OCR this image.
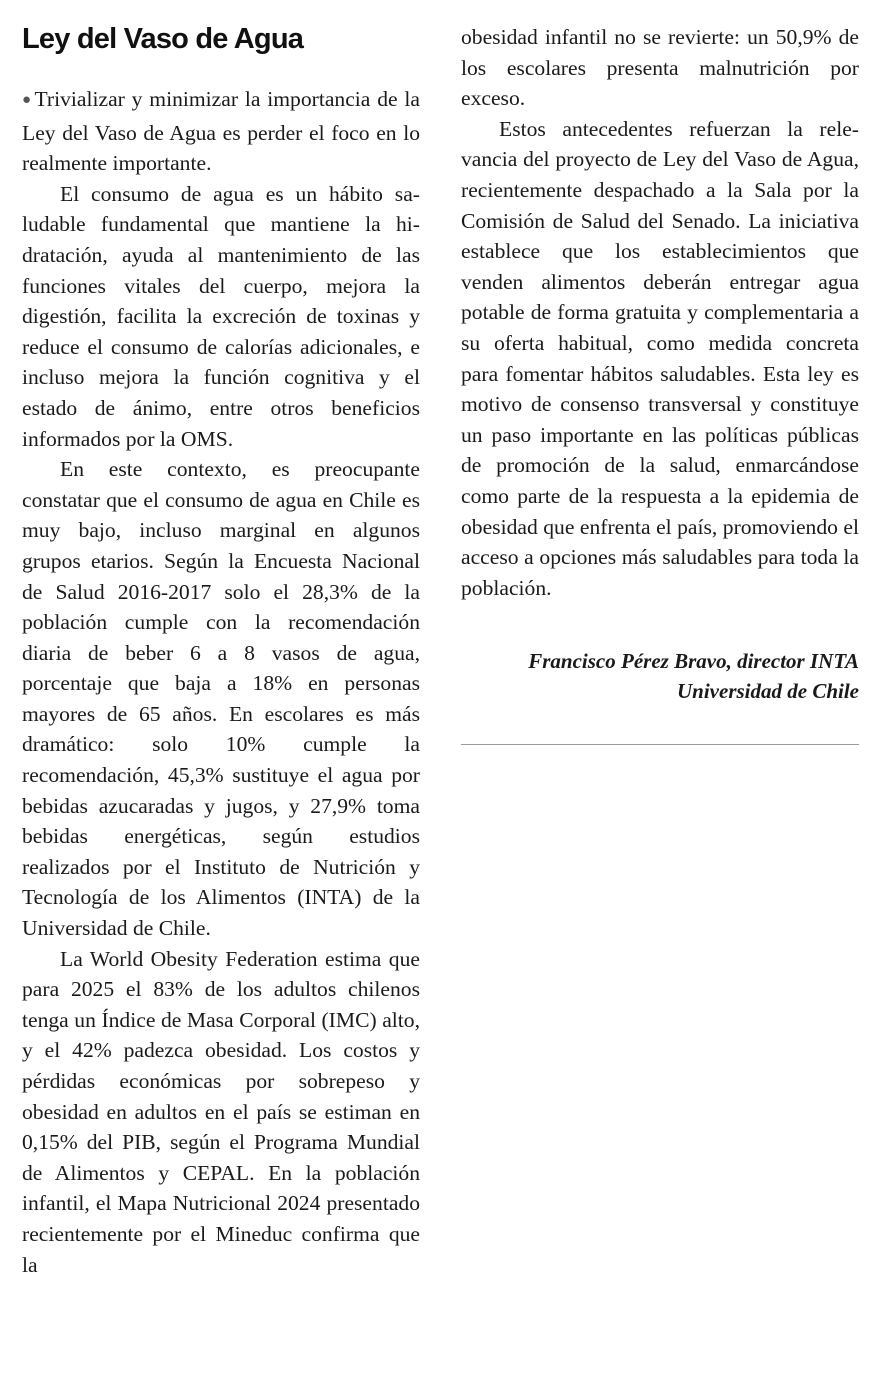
Ley del Vaso de Agua

●Trivializar y minimizar la importancia de la Ley del Vaso de Agua es perder el foco en lo realmente importante.

El consumo de agua es un hábito saludable fundamental que mantiene la hidratación, ayuda al mantenimiento de las funciones vitales del cuerpo, mejora la digestión, facilita la excreción de toxinas y reduce el consumo de calorías adicionales, e incluso mejora la función cognitiva y el estado de ánimo, entre otros beneficios informados por la OMS.

En este contexto, es preocupante constatar que el consumo de agua en Chile es muy bajo, incluso marginal en algunos grupos etarios. Según la Encuesta Nacional de Salud 2016-2017 solo el 28,3% de la población cumple con la recomendación diaria de beber 6 a 8 vasos de agua, porcentaje que baja a 18% en personas mayores de 65 años. En escolares es más dramático: solo 10% cumple la recomendación, 45,3% sustituye el agua por bebidas azucaradas y jugos, y 27,9% toma bebidas energéticas, según estudios realizados por el Instituto de Nutrición y Tecnología de los Alimentos (INTA) de la Universidad de Chile.

La World Obesity Federation estima que para 2025 el 83% de los adultos chilenos tenga un Índice de Masa Corporal (IMC) alto, y el 42% padezca obesidad. Los costos y pérdidas económicas por sobrepeso y obesidad en adultos en el país se estiman en 0,15% del PIB, según el Programa Mundial de Alimentos y CEPAL. En la población infantil, el Mapa Nutricional 2024 presentado recientemente por el Mineduc confirma que la

obesidad infantil no se revierte: un 50,9% de los escolares presenta malnutrición por exceso.

Estos antecedentes refuerzan la relevancia del proyecto de Ley del Vaso de Agua, recientemente despachado a la Sala por la Comisión de Salud del Senado. La iniciativa establece que los establecimientos que venden alimentos deberán entregar agua potable de forma gratuita y complementaria a su oferta habitual, como medida concreta para fomentar hábitos saludables. Esta ley es motivo de consenso transversal y constituye un paso importante en las políticas públicas de promoción de la salud, enmarcándose como parte de la respuesta a la epidemia de obesidad que enfrenta el país, promoviendo el acceso a opciones más saludables para toda la población.

Francisco Pérez Bravo, director INTA
Universidad de Chile
